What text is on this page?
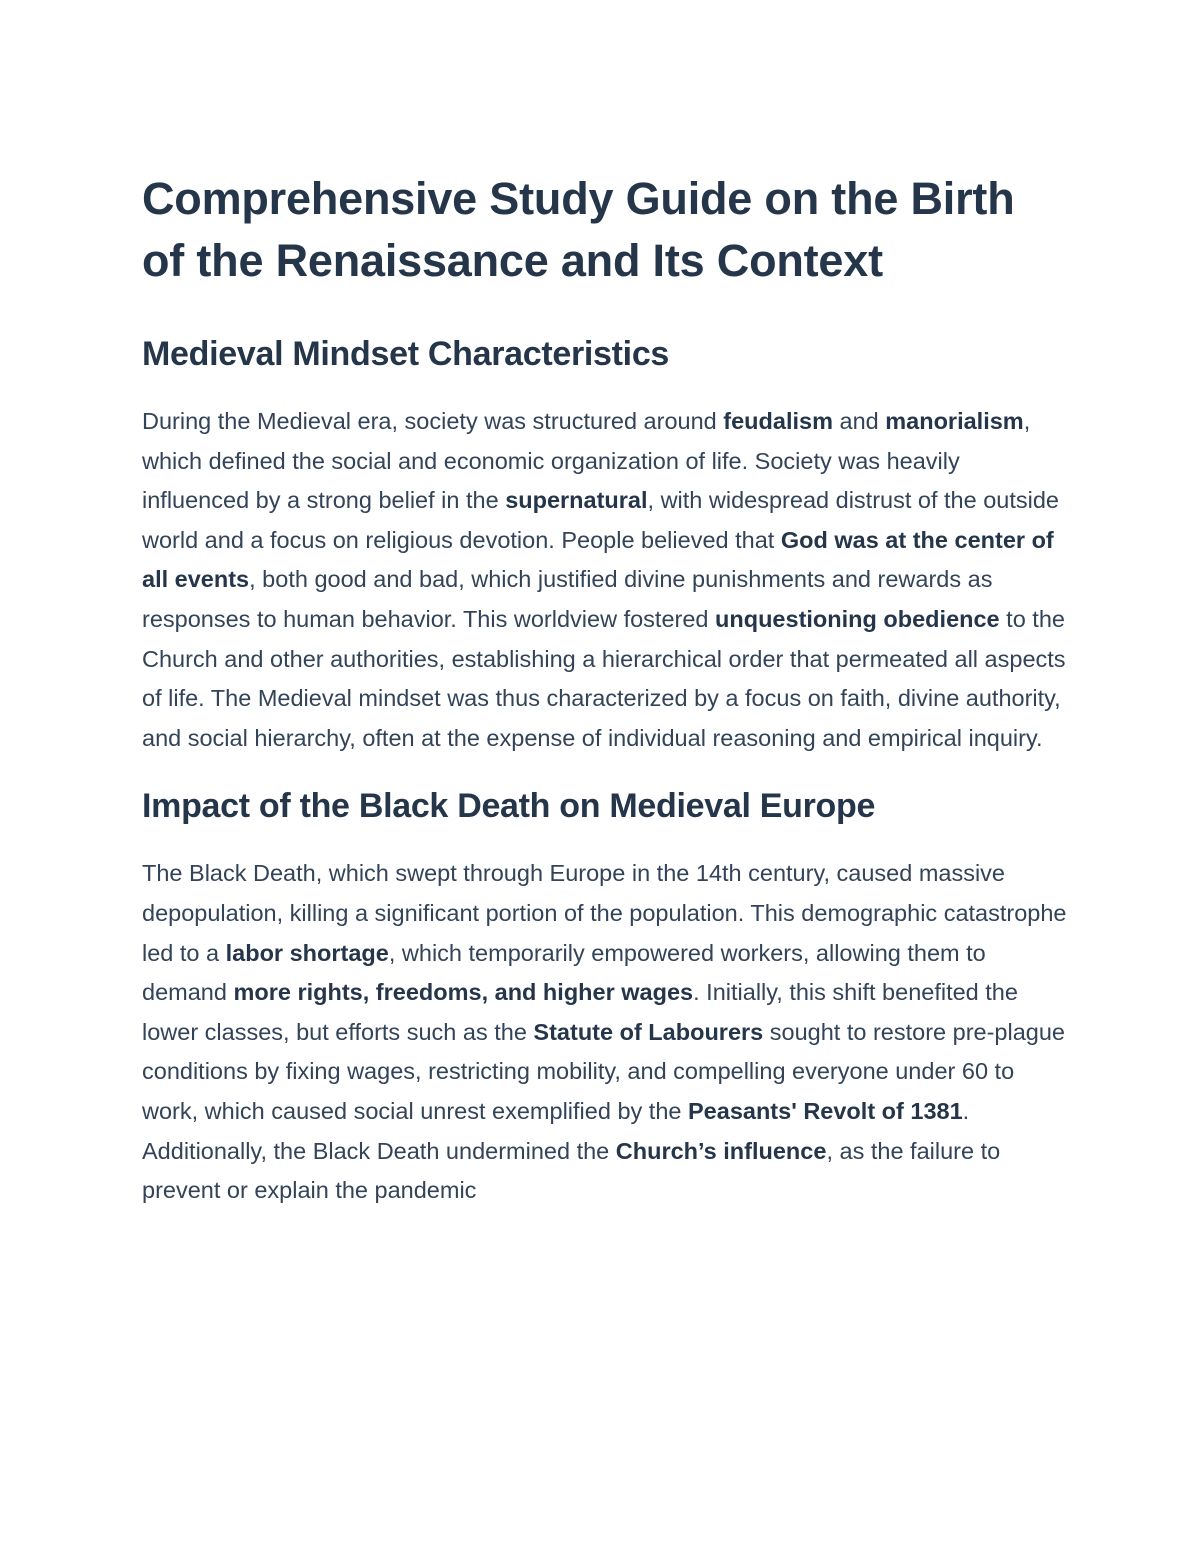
Comprehensive Study Guide on the Birth of the Renaissance and Its Context
Medieval Mindset Characteristics

During the Medieval era, society was structured around feudalism and manorialism, which defined the social and economic organization of life. Society was heavily influenced by a strong belief in the supernatural, with widespread distrust of the outside world and a focus on religious devotion. People believed that God was at the center of all events, both good and bad, which justified divine punishments and rewards as responses to human behavior. This worldview fostered unquestioning obedience to the Church and other authorities, establishing a hierarchical order that permeated all aspects of life. The Medieval mindset was thus characterized by a focus on faith, divine authority, and social hierarchy, often at the expense of individual reasoning and empirical inquiry.

Impact of the Black Death on Medieval Europe

The Black Death, which swept through Europe in the 14th century, caused massive depopulation, killing a significant portion of the population. This demographic catastrophe led to a labor shortage, which temporarily empowered workers, allowing them to demand more rights, freedoms, and higher wages. Initially, this shift benefited the lower classes, but efforts such as the Statute of Labourers sought to restore pre-plague conditions by fixing wages, restricting mobility, and compelling everyone under 60 to work, which caused social unrest exemplified by the Peasants' Revolt of 1381. Additionally, the Black Death undermined the Church’s influence, as the failure to prevent or explain the pandemic
